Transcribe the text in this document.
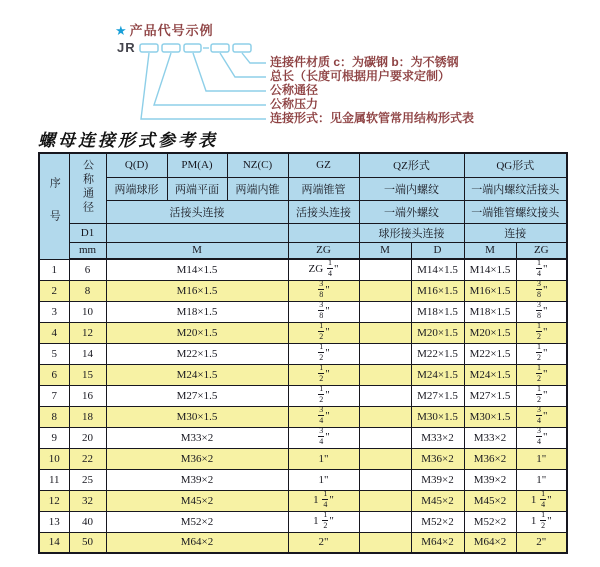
★ 产品代号示例
JR
连接件材质 c：为碳钢 b：为不锈钢
总长（长度可根据用户要求定制）
公称通径
公称压力
连接形式：见金属软管常用结构形式表
螺母连接形式参考表
序号	公称通径	Q(D)	PM(A)	NZ(C)	GZ	QZ形式		QG形式	
		两端球形	两端平面	两端内锥	两端锥管	一端内螺纹		一端内螺纹活接头	
		活接头连接			活接头连接	一端外螺纹		一端锥管螺纹接头	
	D1					球形接头连接		连接	
	mm	M			ZG	M	D	M	ZG
1	6	M14×1.5			ZG $\frac{1}{4}$ "		M14×1.5	M14×1.5	$\frac{1}{4}$ "
2	8	M16×1.5			$\frac{3}{8}$ "		M16×1.5	M16×1.5	$\frac{3}{8}$ "
3	10	M18×1.5			$\frac{3}{8}$ "		M18×1.5	M18×1.5	$\frac{3}{8}$ "
4	12	M20×1.5			$\frac{1}{2}$ "		M20×1.5	M20×1.5	$\frac{1}{2}$ "
5	14	M22×1.5			$\frac{1}{2}$ "		M22×1.5	M22×1.5	$\frac{1}{2}$ "
6	15	M24×1.5			$\frac{1}{2}$ "		M24×1.5	M24×1.5	$\frac{1}{2}$ "
7	16	M27×1.5			$\frac{1}{2}$ "		M27×1.5	M27×1.5	$\frac{1}{2}$ "
8	18	M30×1.5			$\frac{3}{4}$ "		M30×1.5	M30×1.5	$\frac{3}{4}$ "
9	20	M33×2			$\frac{3}{4}$ "		M33×2	M33×2	$\frac{3}{4}$ "
10	22	M36×2			1"		M36×2	M36×2	1"
11	25	M39×2			1"		M39×2	M39×2	1"
12	32	M45×2			$1 \frac{1}{4}$ "		M45×2	M45×2	$1 \frac{1}{4}$ "
13	40	M52×2			$1 \frac{1}{2}$ "		M52×2	M52×2	$1 \frac{1}{2}$ "
14	50	M64×2			2"		M64×2	M64×2	2"
